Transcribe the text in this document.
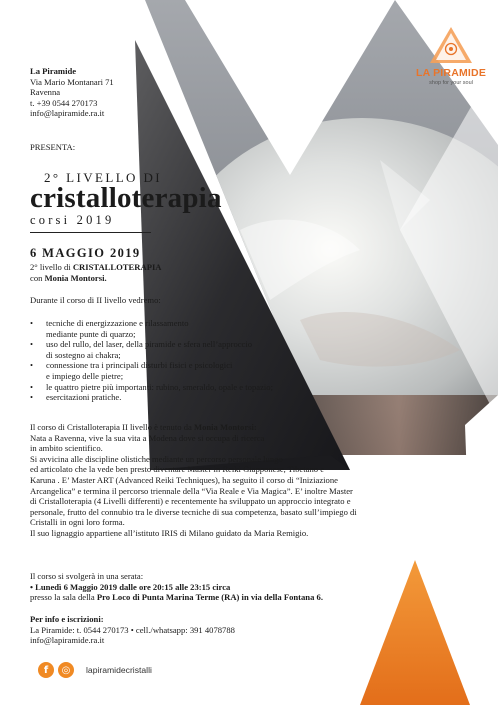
LA PIRAMIDE
shop for your soul
La Piramide
Via Mario Montanari 71
Ravenna
t. +39 0544 270173
info@lapiramide.ra.it
PRESENTA:
2° LIVELLO DI
cristalloterapia
corsi 2019
6 MAGGIO 2019
2° livello di CRISTALLOTERAPIA
con Monia Montorsi.
Durante il corso di II livello vedremo:
• tecniche di energizzazione e rilassamento
mediante punte di quarzo;
• uso del rullo, del laser, della piramide e sfera nell’approccio
di sostegno ai chakra;
• connessione tra i principali disturbi fisici e psicologici
e impiego delle pietre;
• le quattro pietre più importanti: rubino, smeraldo, opale e topazio;
• esercitazioni pratiche.
Il corso di Cristalloterapia II livello è tenuto da Monia Montorsi:
Nata a Ravenna, vive la sua vita a Modena dove si occupa di ricerca
in ambito scientifico.
Si avvicina alle discipline olistiche mediante un percorso personale lungo
ed articolato che la vede ben presto diventare Master in Reiki Giapponese, Tibetano e
Karuna . E’ Master ART (Advanced Reiki Techniques), ha seguito il corso di “Iniziazione
Arcangelica” e termina il percorso triennale della “Via Reale e Via Magica”. E’ inoltre Master
di Cristalloterapia (4 Livelli differenti) e recentemente ha sviluppato un approccio integrato e
personale, frutto del connubio tra le diverse tecniche di sua competenza, basato sull’impiego di
Cristalli in ogni loro forma.
Il suo lignaggio appartiene all’istituto IRIS di Milano guidato da Maria Remigio.
Il corso si svolgerà in una serata:
• Lunedì 6 Maggio 2019 dalle ore 20:15 alle 23:15 circa
presso la sala della Pro Loco di Punta Marina Terme (RA) in via della Fontana 6.
Per info e iscrizioni:
La Piramide: t. 0544 270173 • cell./whatsapp: 391 4078788
info@lapiramide.ra.it
f	◎	lapiramidecristalli
